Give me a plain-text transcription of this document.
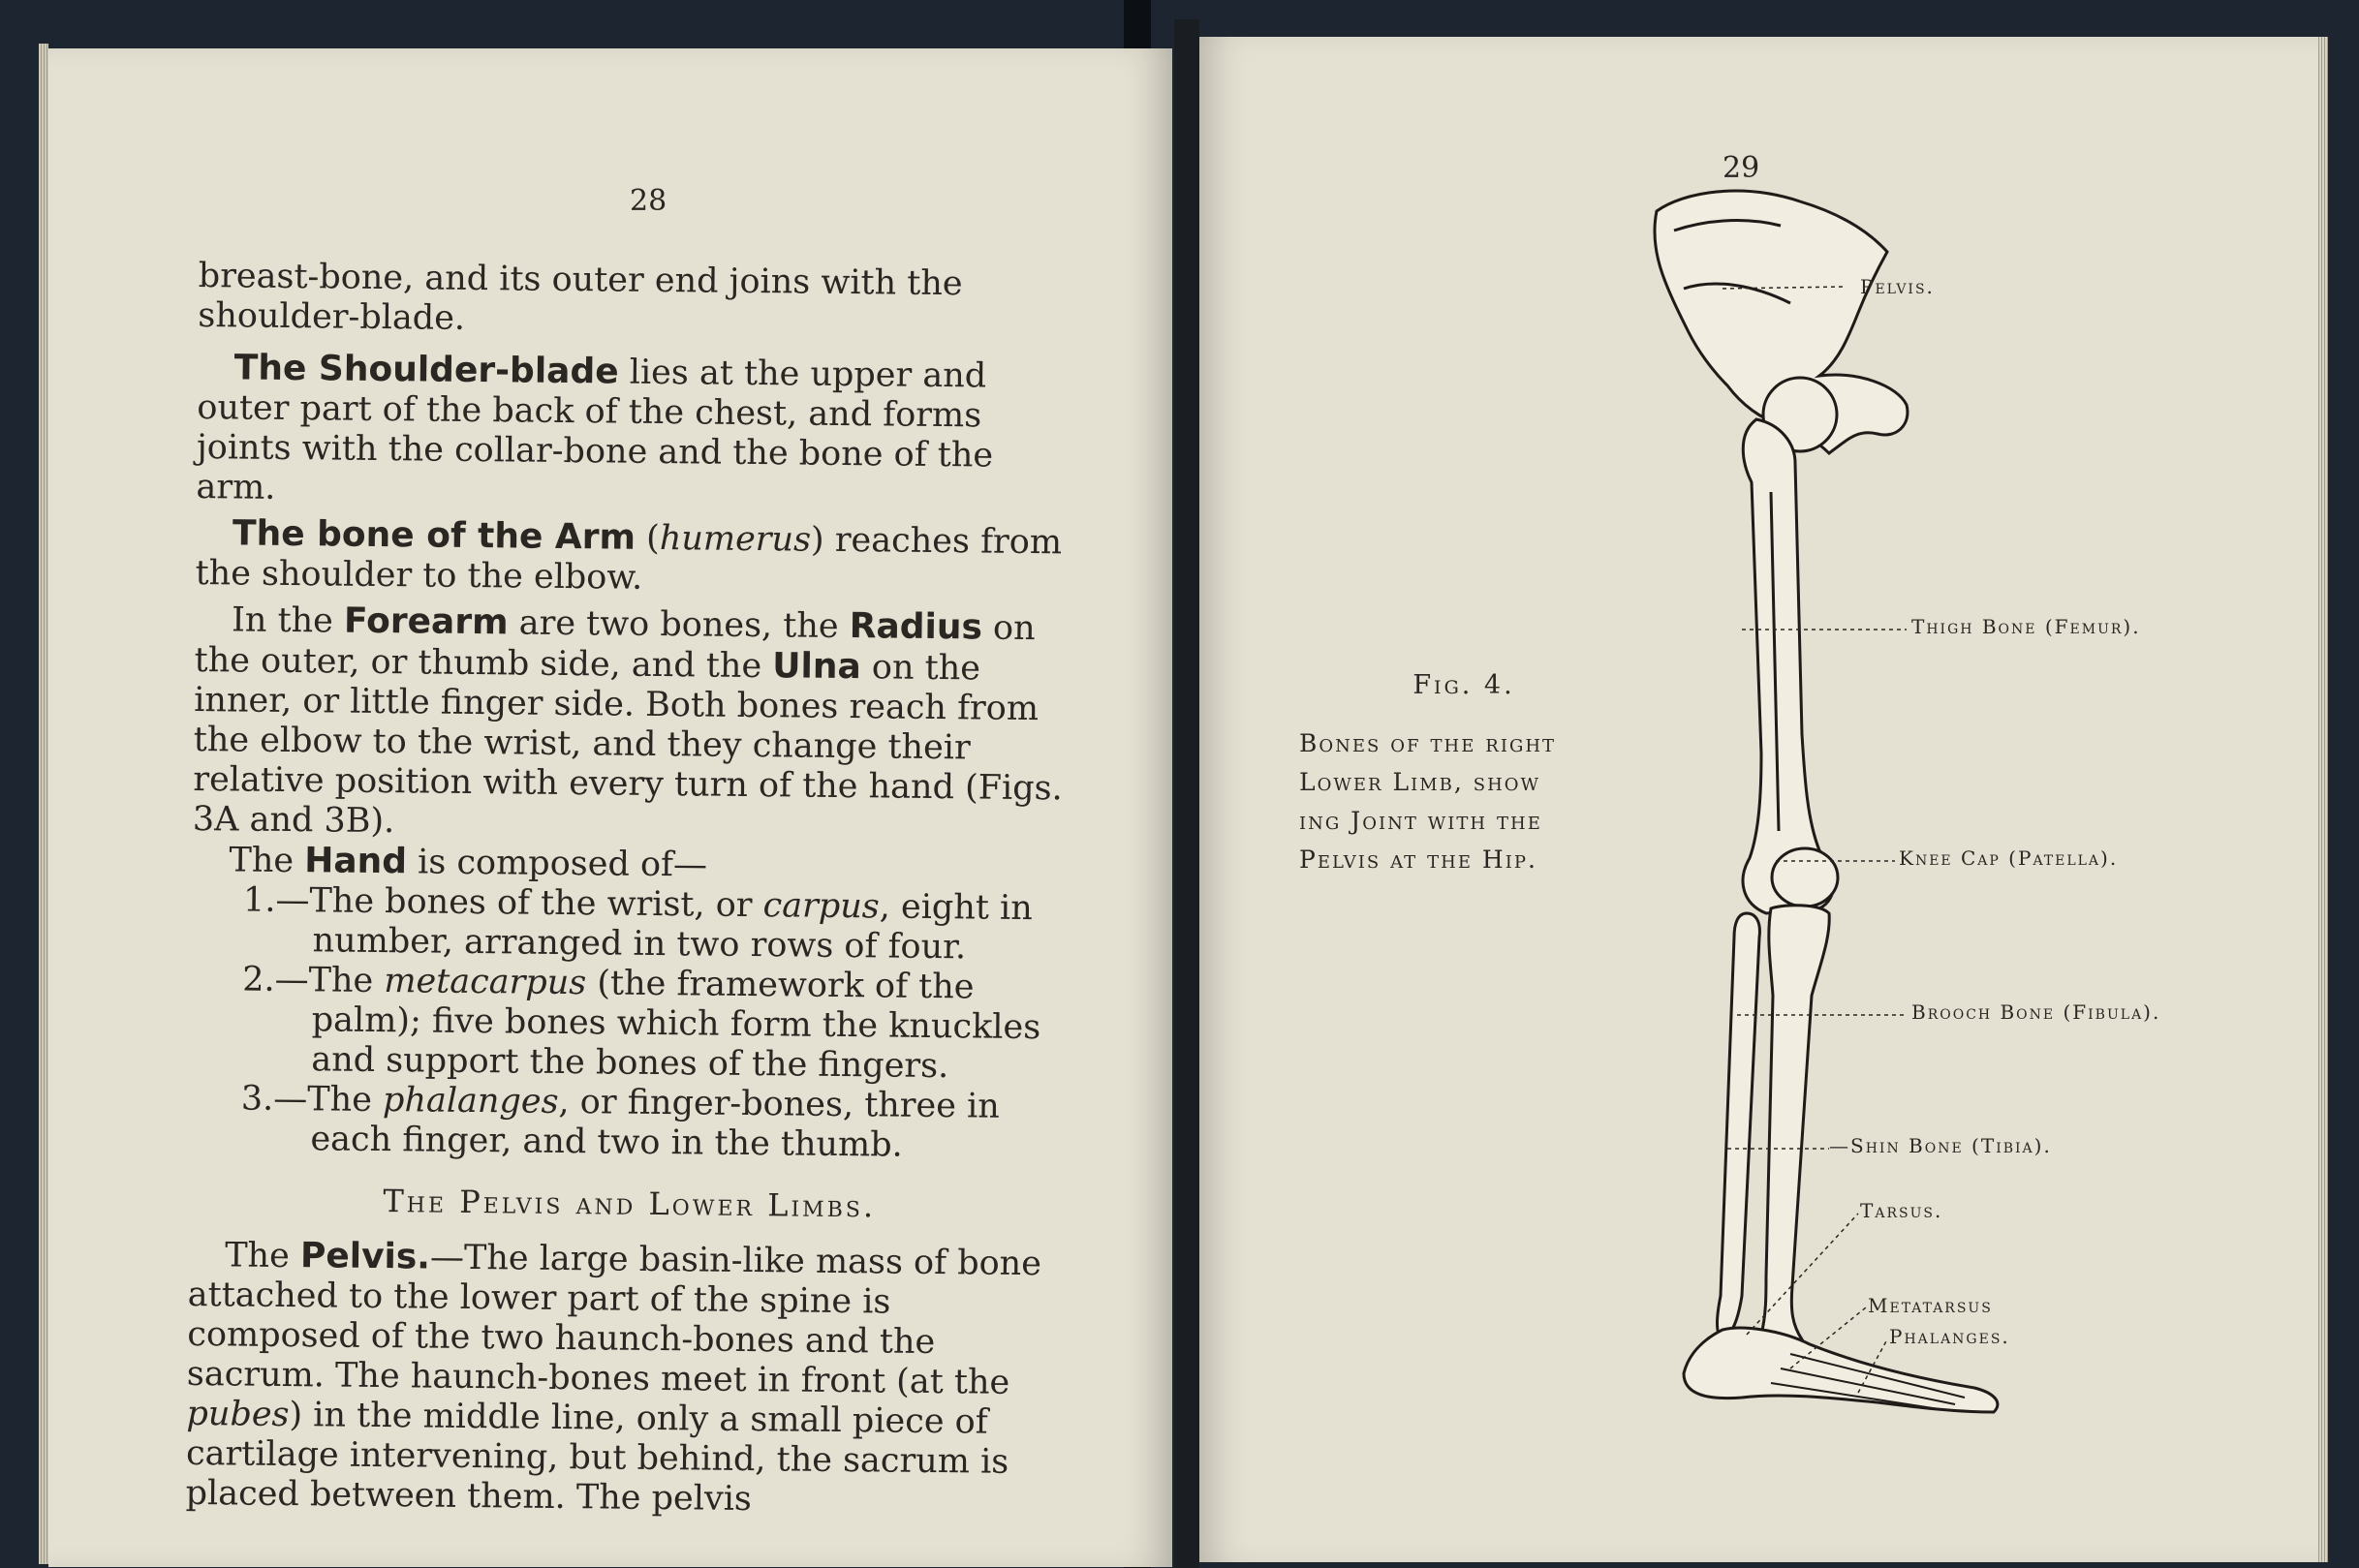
28

breast-bone, and its outer end joins with the shoulder-blade.

The Shoulder-blade lies at the upper and outer part of the back of the chest, and forms joints with the collar-bone and the bone of the arm.

The bone of the Arm (humerus) reaches from the shoulder to the elbow.

In the Forearm are two bones, the Radius on the outer, or thumb side, and the Ulna on the inner, or little finger side. Both bones reach from the elbow to the wrist, and they change their relative position with every turn of the hand (Figs. 3A and 3B).

The Hand is composed of—

1.—The bones of the wrist, or carpus, eight in number, arranged in two rows of four.

2.—The metacarpus (the framework of the palm); five bones which form the knuckles and support the bones of the fingers.

3.—The phalanges, or finger-bones, three in each finger, and two in the thumb.

The Pelvis and Lower Limbs.

The Pelvis.—The large basin-like mass of bone attached to the lower part of the spine is composed of the two haunch-bones and the sacrum. The haunch-bones meet in front (at the pubes) in the middle line, only a small piece of cartilage intervening, but behind, the sacrum is placed between them. The pelvis

29
Pelvis.
Thigh Bone (Femur).
Knee Cap (Patella).
Brooch Bone (Fibula).
—Shin Bone (Tibia).
Tarsus.
Metatarsus
Phalanges.
Fig. 4.
Bones of the right
Lower Limb, show
ing Joint with the
Pelvis at the Hip.
